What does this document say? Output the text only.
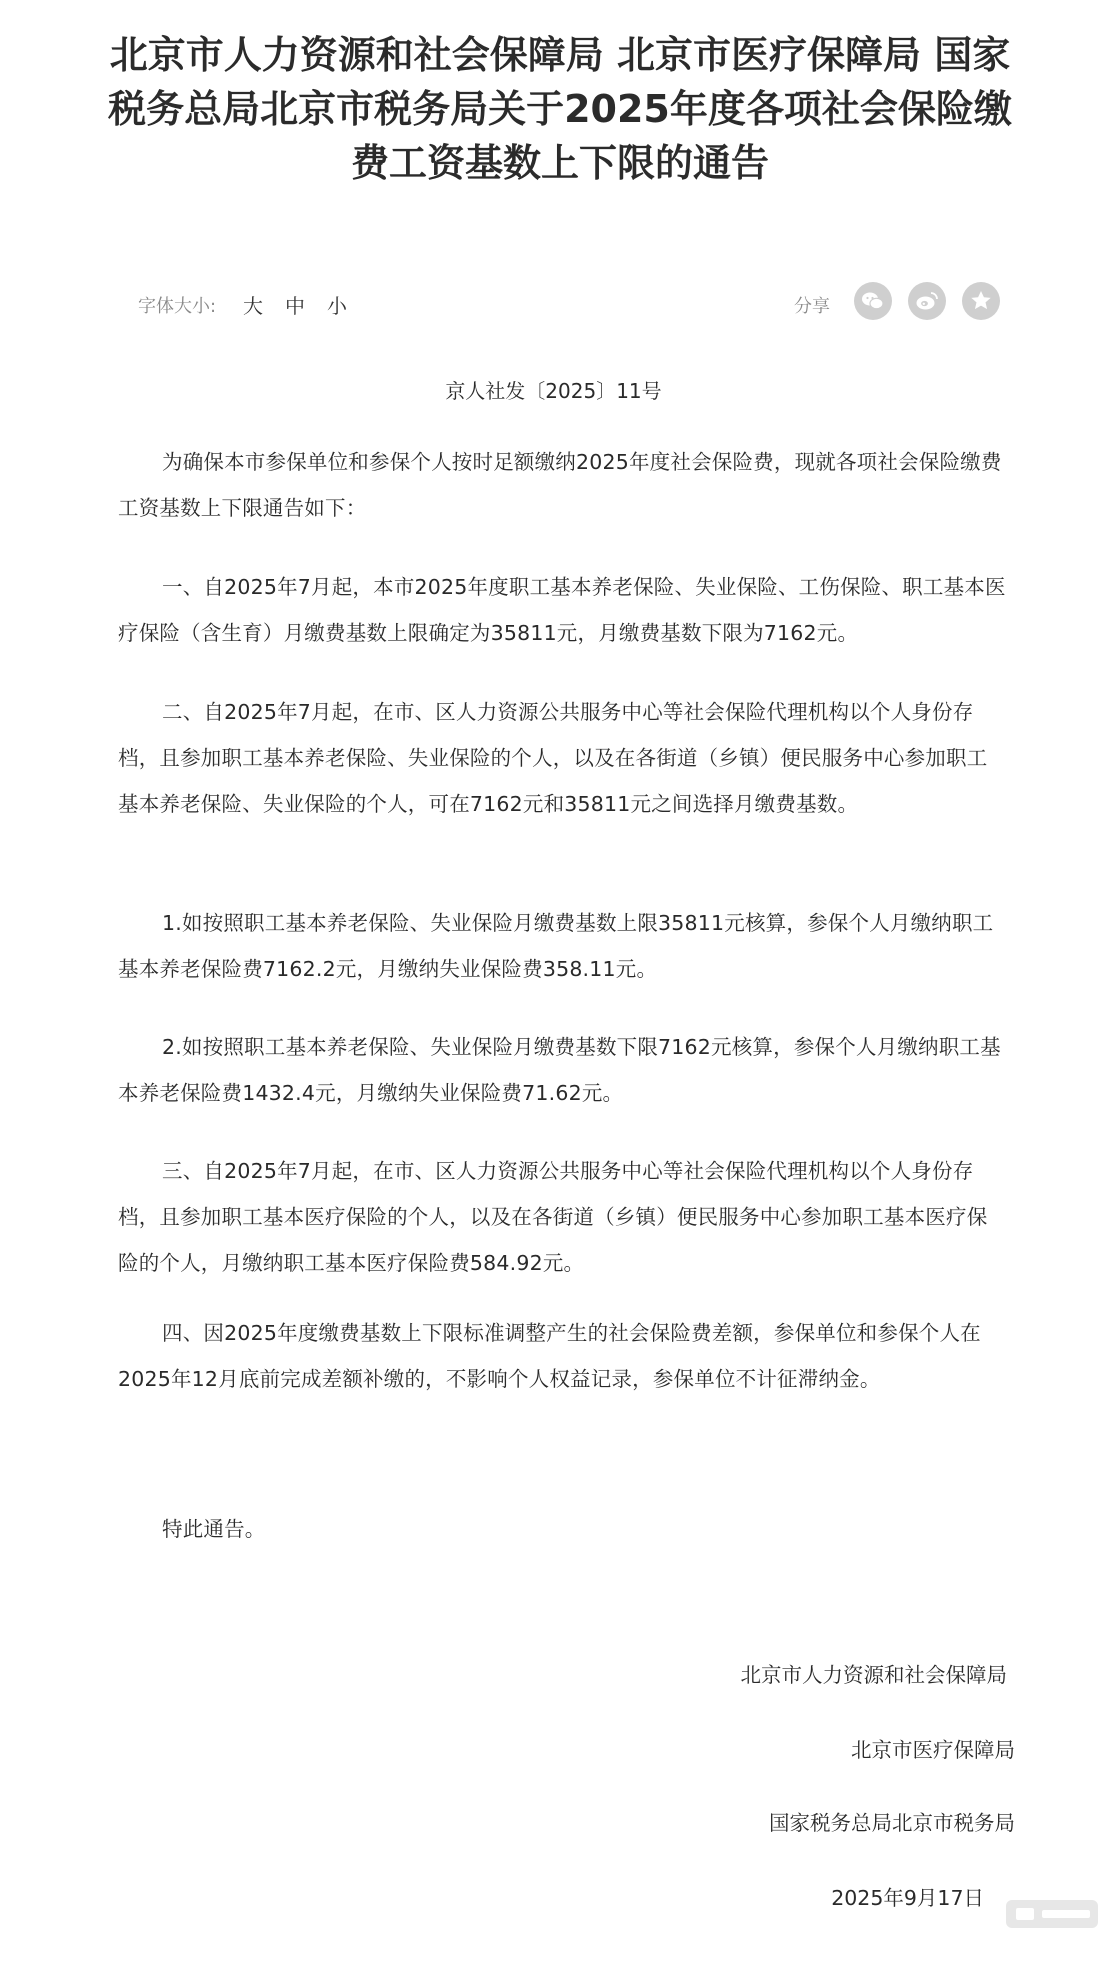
北京市人力资源和社会保障局 北京市医疗保障局 国家税务总局北京市税务局关于2025年度各项社会保险缴费工资基数上下限的通告
字体大小: 大 中 小	分享

京人社发〔2025〕11号

为确保本市参保单位和参保个人按时足额缴纳2025年度社会保险费，现就各项社会保险缴费工资基数上下限通告如下：

一、自2025年7月起，本市2025年度职工基本养老保险、失业保险、工伤保险、职工基本医疗保险（含生育）月缴费基数上限确定为35811元，月缴费基数下限为7162元。

二、自2025年7月起，在市、区人力资源公共服务中心等社会保险代理机构以个人身份存档，且参加职工基本养老保险、失业保险的个人，以及在各街道（乡镇）便民服务中心参加职工基本养老保险、失业保险的个人，可在7162元和35811元之间选择月缴费基数。

1.如按照职工基本养老保险、失业保险月缴费基数上限35811元核算，参保个人月缴纳职工基本养老保险费7162.2元，月缴纳失业保险费358.11元。

2.如按照职工基本养老保险、失业保险月缴费基数下限7162元核算，参保个人月缴纳职工基本养老保险费1432.4元，月缴纳失业保险费71.62元。

三、自2025年7月起，在市、区人力资源公共服务中心等社会保险代理机构以个人身份存档，且参加职工基本医疗保险的个人，以及在各街道（乡镇）便民服务中心参加职工基本医疗保险的个人，月缴纳职工基本医疗保险费584.92元。

四、因2025年度缴费基数上下限标准调整产生的社会保险费差额，参保单位和参保个人在2025年12月底前完成差额补缴的，不影响个人权益记录，参保单位不计征滞纳金。

特此通告。

北京市人力资源和社会保障局

北京市医疗保障局

国家税务总局北京市税务局

2025年9月17日
